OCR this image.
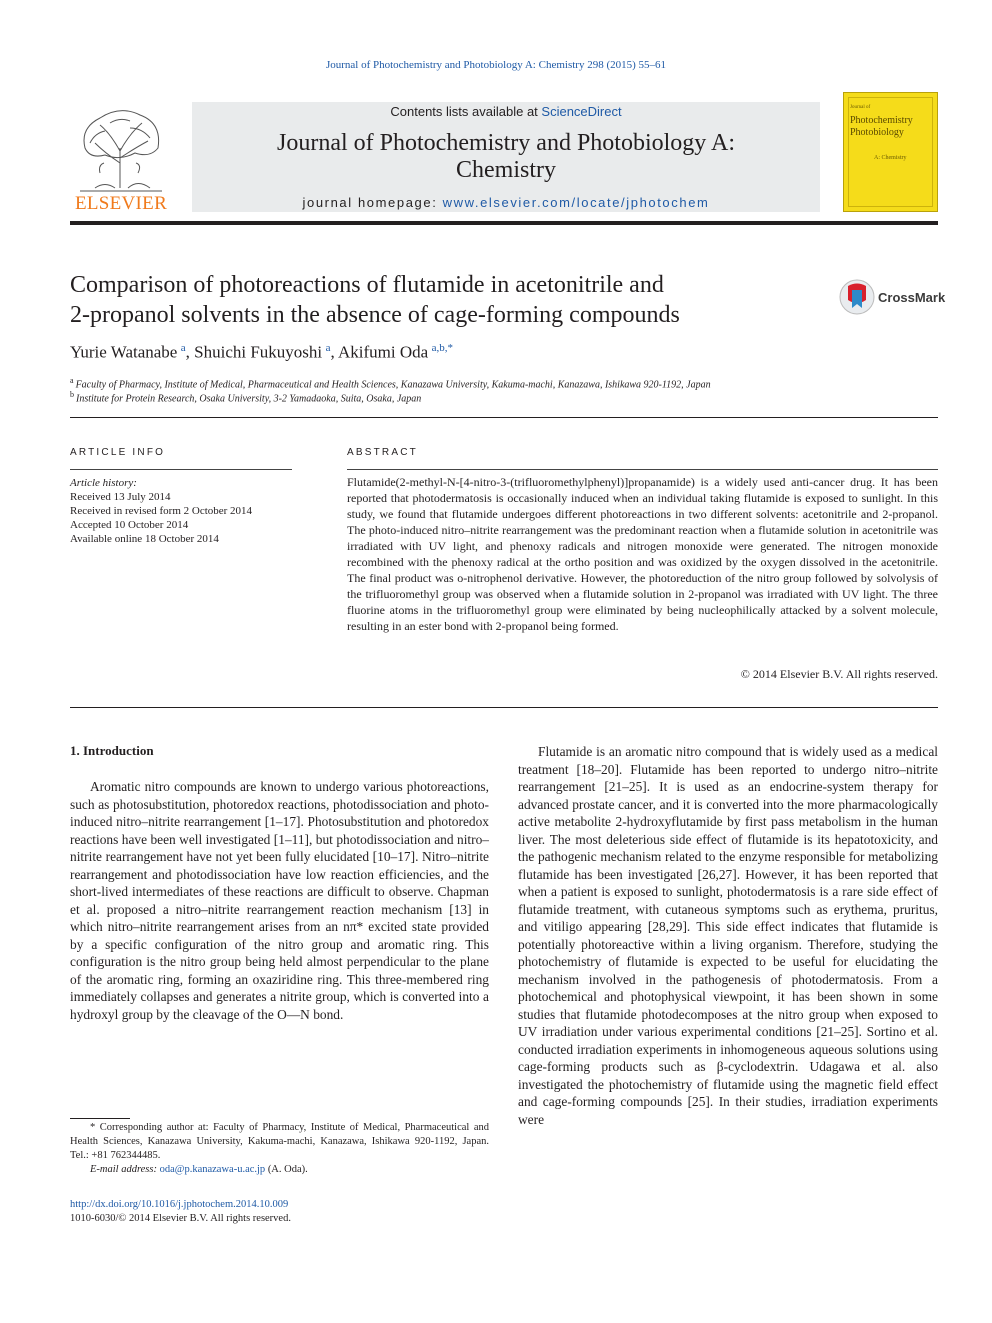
Journal of Photochemistry and Photobiology A: Chemistry 298 (2015) 55–61
ELSEVIER
Contents lists available at ScienceDirect
Journal of Photochemistry and Photobiology A:
Chemistry
journal homepage: www.elsevier.com/locate/jphotochem
Journal of
Photochemistry Photobiology
A: Chemistry
Comparison of photoreactions of flutamide in acetonitrile and
2-propanol solvents in the absence of cage-forming compounds
CrossMark
Yurie Watanabe  $^a$, Shuichi Fukuyoshi  $^a$, Akifumi Oda  $^{a,b,*}$
$^a$  Faculty of Pharmacy, Institute of Medical, Pharmaceutical and Health Sciences, Kanazawa University, Kakuma-machi, Kanazawa, Ishikawa 920-1192, Japan
$^b$  Institute for Protein Research, Osaka University, 3-2 Yamadaoka, Suita, Osaka, Japan
ARTICLE INFO
Article history:
Received 13 July 2014
Received in revised form 2 October 2014
Accepted 10 October 2014
Available online 18 October 2014
ABSTRACT
Flutamide(2-methyl-N-[4-nitro-3-(trifluoromethylphenyl)]propanamide) is a widely used anti-cancer drug. It has been reported that photodermatosis is occasionally induced when an individual taking flutamide is exposed to sunlight. In this study, we found that flutamide undergoes different photoreactions in two different solvents: acetonitrile and 2-propanol. The photo-induced nitro–nitrite rearrangement was the predominant reaction when a flutamide solution in acetonitrile was irradiated with UV light, and phenoxy radicals and nitrogen monoxide were generated. The nitrogen monoxide recombined with the phenoxy radical at the ortho position and was oxidized by the oxygen dissolved in the acetonitrile. The final product was o-nitrophenol derivative. However, the photoreduction of the nitro group followed by solvolysis of the trifluoromethyl group was observed when a flutamide solution in 2-propanol was irradiated with UV light. The three fluorine atoms in the trifluoromethyl group were eliminated by being nucleophilically attacked by a solvent molecule, resulting in an ester bond with 2-propanol being formed.
© 2014 Elsevier B.V. All rights reserved.
1. Introduction
Aromatic nitro compounds are known to undergo various photoreactions, such as photosubstitution, photoredox reactions, photodissociation and photo-induced nitro–nitrite rearrangement [1–17]. Photosubstitution and photoredox reactions have been well investigated [1–11], but photodissociation and nitro–nitrite rearrangement have not yet been fully elucidated [10–17]. Nitro–nitrite rearrangement and photodissociation have low reaction efficiencies, and the short-lived intermediates of these reactions are difficult to observe. Chapman et al. proposed a nitro–nitrite rearrangement reaction mechanism [13] in which nitro–nitrite rearrangement arises from an nπ* excited state provided by a specific configuration of the nitro group and aromatic ring. This configuration is the nitro group being held almost perpendicular to the plane of the aromatic ring, forming an oxaziridine ring. This three-membered ring immediately collapses and generates a nitrite group, which is converted into a hydroxyl group by the cleavage of the O—N bond.
Flutamide is an aromatic nitro compound that is widely used as a medical treatment [18–20]. Flutamide has been reported to undergo nitro–nitrite rearrangement [21–25]. It is used as an endocrine-system therapy for advanced prostate cancer, and it is converted into the more pharmacologically active metabolite 2-hydroxyflutamide by first pass metabolism in the human liver. The most deleterious side effect of flutamide is its hepatotoxicity, and the pathogenic mechanism related to the enzyme responsible for metabolizing flutamide has been investigated [26,27]. However, it has been reported that when a patient is exposed to sunlight, photodermatosis is a rare side effect of flutamide treatment, with cutaneous symptoms such as erythema, pruritus, and vitiligo appearing [28,29]. This side effect indicates that flutamide is potentially photoreactive within a living organism. Therefore, studying the photochemistry of flutamide is expected to be useful for elucidating the mechanism involved in the pathogenesis of photodermatosis. From a photochemical and photophysical viewpoint, it has been shown in some studies that flutamide photodecomposes at the nitro group when exposed to UV irradiation under various experimental conditions [21–25]. Sortino et al. conducted irradiation experiments in inhomogeneous aqueous solutions using cage-forming products such as β-cyclodextrin. Udagawa et al. also investigated the photochemistry of flutamide using the magnetic field effect and cage-forming compounds [25]. In their studies, irradiation experiments were
* Corresponding author at: Faculty of Pharmacy, Institute of Medical, Pharmaceutical and Health Sciences, Kanazawa University, Kakuma-machi, Kanazawa, Ishikawa 920-1192, Japan. Tel.: +81 762344485.
E-mail address: oda@p.kanazawa-u.ac.jp (A. Oda).
http://dx.doi.org/10.1016/j.jphotochem.2014.10.009
1010-6030/© 2014 Elsevier B.V. All rights reserved.
